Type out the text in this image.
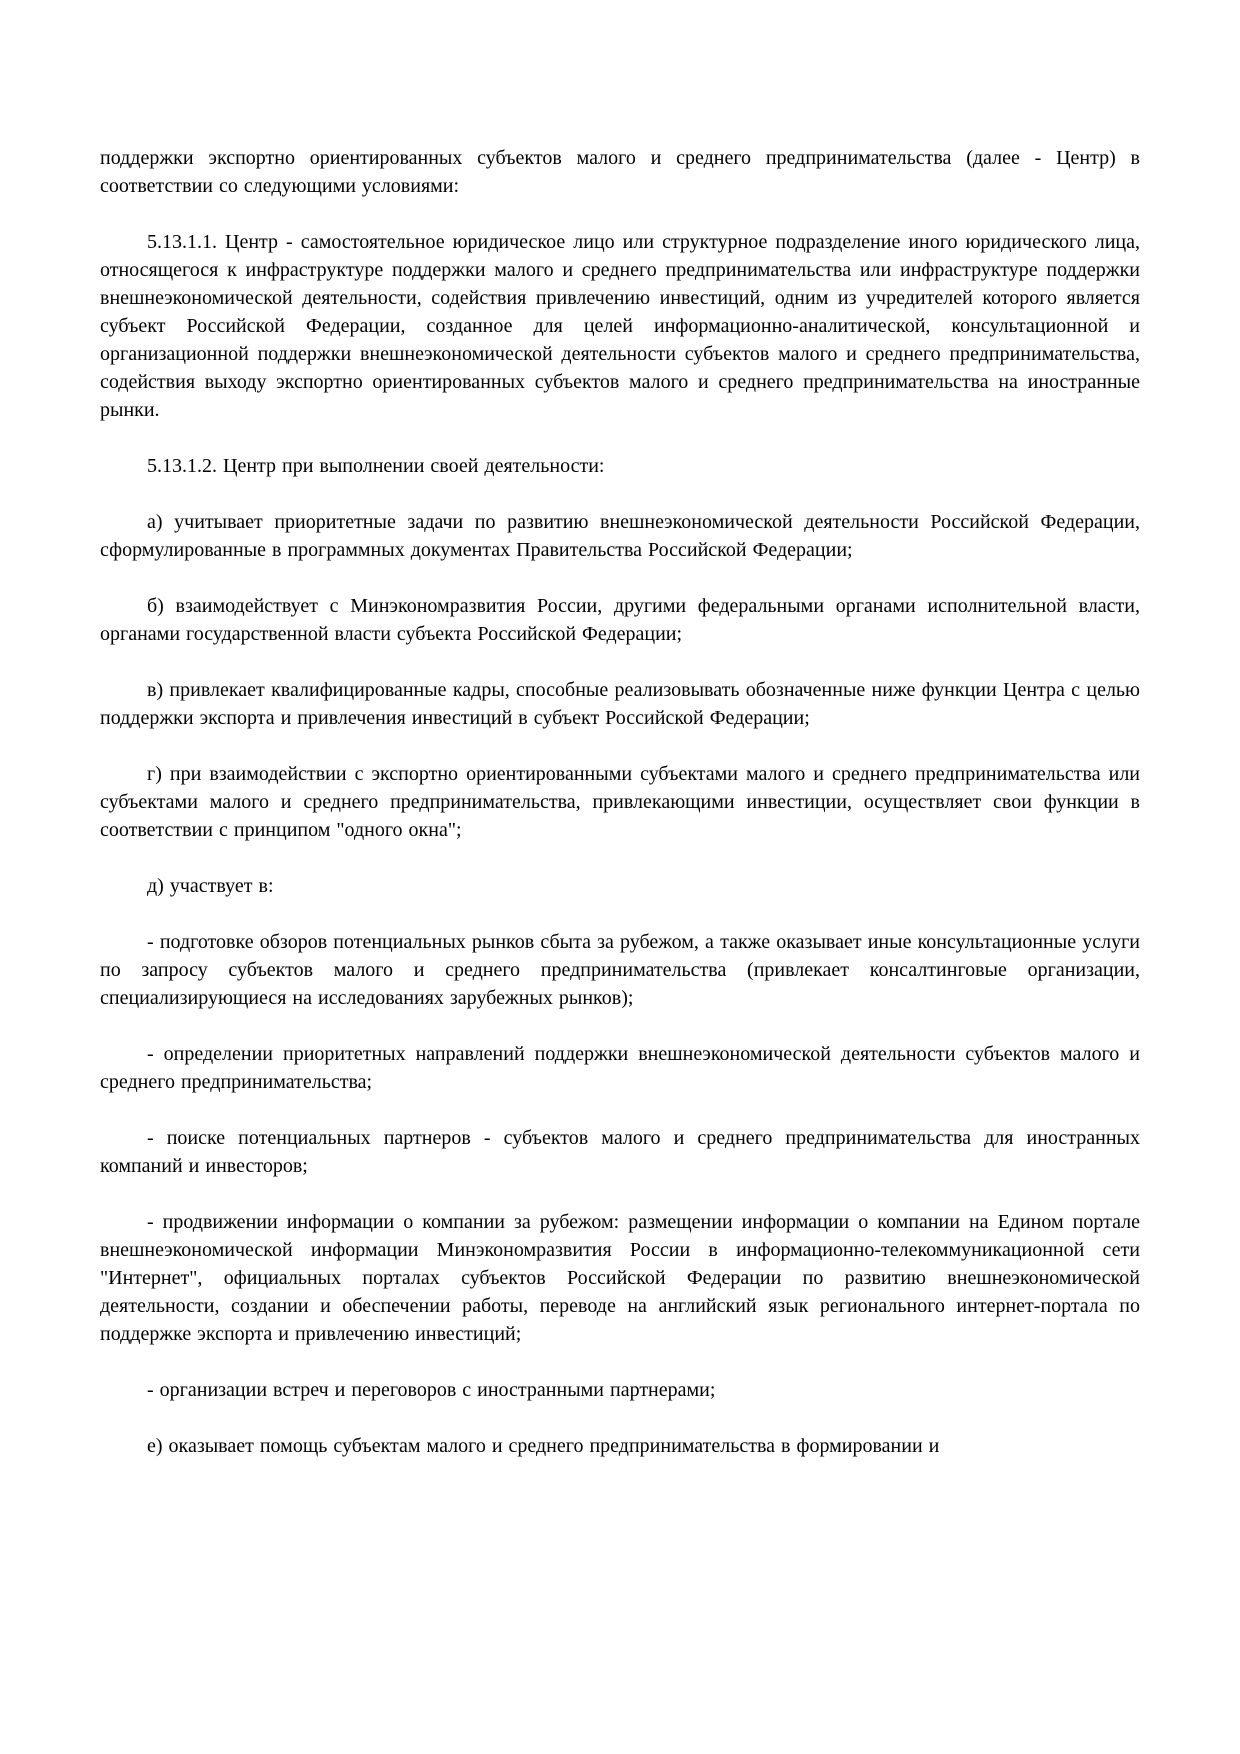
поддержки экспортно ориентированных субъектов малого и среднего предпринимательства (далее - Центр) в соответствии со следующими условиями:

5.13.1.1. Центр - самостоятельное юридическое лицо или структурное подразделение иного юридического лица, относящегося к инфраструктуре поддержки малого и среднего предпринимательства или инфраструктуре поддержки внешнеэкономической деятельности, содействия привлечению инвестиций, одним из учредителей которого является субъект Российской Федерации, созданное для целей информационно-аналитической, консультационной и организационной поддержки внешнеэкономической деятельности субъектов малого и среднего предпринимательства, содействия выходу экспортно ориентированных субъектов малого и среднего предпринимательства на иностранные рынки.

5.13.1.2. Центр при выполнении своей деятельности:

а) учитывает приоритетные задачи по развитию внешнеэкономической деятельности Российской Федерации, сформулированные в программных документах Правительства Российской Федерации;

б) взаимодействует с Минэкономразвития России, другими федеральными органами исполнительной власти, органами государственной власти субъекта Российской Федерации;

в) привлекает квалифицированные кадры, способные реализовывать обозначенные ниже функции Центра с целью поддержки экспорта и привлечения инвестиций в субъект Российской Федерации;

г) при взаимодействии с экспортно ориентированными субъектами малого и среднего предпринимательства или субъектами малого и среднего предпринимательства, привлекающими инвестиции, осуществляет свои функции в соответствии с принципом "одного окна";

д) участвует в:

- подготовке обзоров потенциальных рынков сбыта за рубежом, а также оказывает иные консультационные услуги по запросу субъектов малого и среднего предпринимательства (привлекает консалтинговые организации, специализирующиеся на исследованиях зарубежных рынков);

- определении приоритетных направлений поддержки внешнеэкономической деятельности субъектов малого и среднего предпринимательства;

- поиске потенциальных партнеров - субъектов малого и среднего предпринимательства для иностранных компаний и инвесторов;

- продвижении информации о компании за рубежом: размещении информации о компании на Едином портале внешнеэкономической информации Минэкономразвития России в информационно-телекоммуникационной сети "Интернет", официальных порталах субъектов Российской Федерации по развитию внешнеэкономической деятельности, создании и обеспечении работы, переводе на английский язык регионального интернет-портала по поддержке экспорта и привлечению инвестиций;

- организации встреч и переговоров с иностранными партнерами;

е) оказывает помощь субъектам малого и среднего предпринимательства в формировании и
